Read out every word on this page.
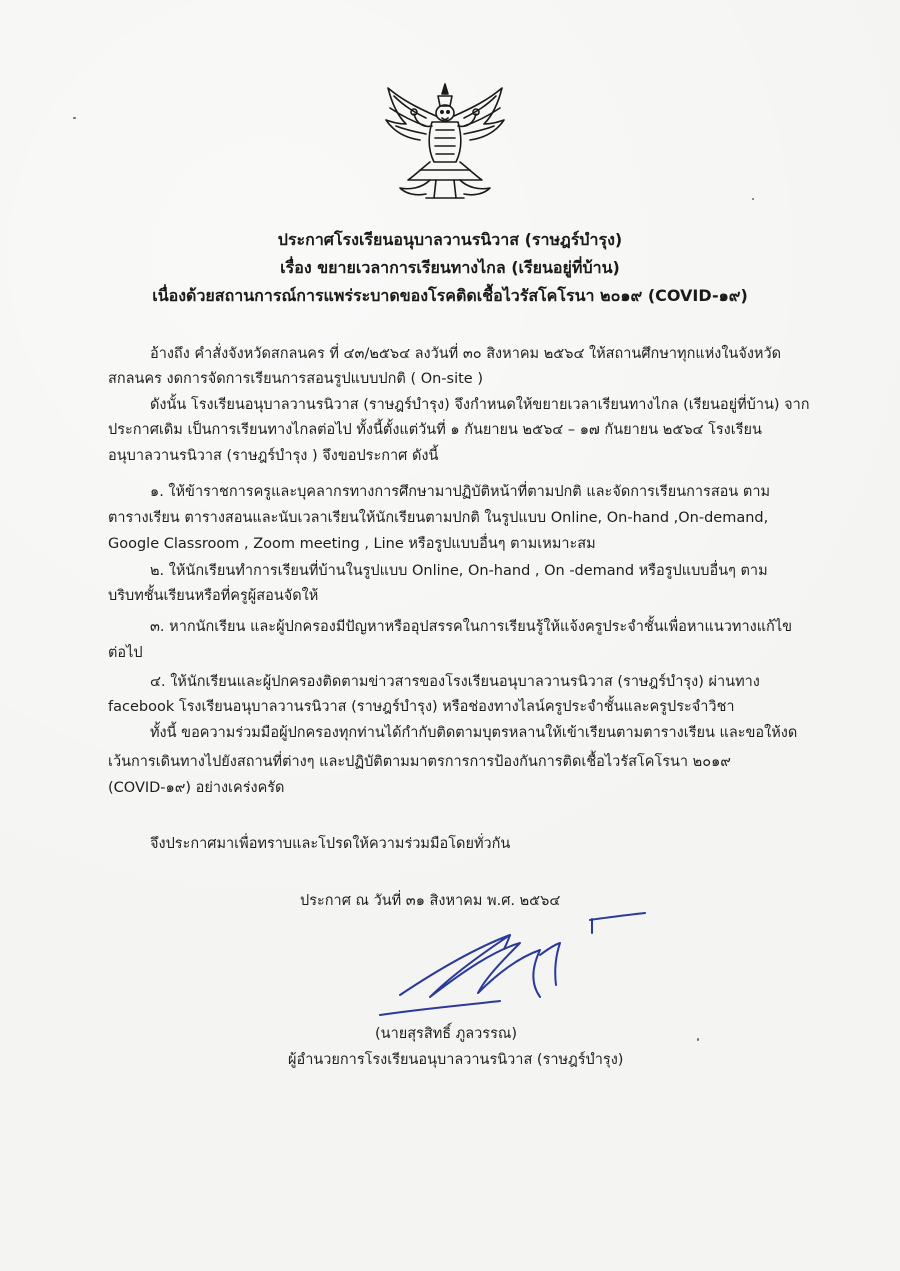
ประกาศโรงเรียนอนุบาลวานรนิวาส (ราษฎร์บำรุง)
เรื่อง ขยายเวลาการเรียนทางไกล (เรียนอยู่ที่บ้าน)
เนื่องด้วยสถานการณ์การแพร่ระบาดของโรคติดเชื้อไวรัสโคโรนา ๒๐๑๙ (COVID-๑๙)
อ้างถึง คำสั่งจังหวัดสกลนคร ที่ ๔๓/๒๕๖๔ ลงวันที่ ๓๐ สิงหาคม ๒๕๖๔ ให้สถานศึกษาทุกแห่งในจังหวัด
สกลนคร งดการจัดการเรียนการสอนรูปแบบปกติ ( On-site )
ดังนั้น โรงเรียนอนุบาลวานรนิวาส (ราษฎร์บำรุง) จึงกำหนดให้ขยายเวลาเรียนทางไกล (เรียนอยู่ที่บ้าน) จาก
ประกาศเดิม เป็นการเรียนทางไกลต่อไป ทั้งนี้ตั้งแต่วันที่ ๑ กันยายน ๒๕๖๔ – ๑๗ กันยายน ๒๕๖๔ โรงเรียน
อนุบาลวานรนิวาส (ราษฎร์บำรุง ) จึงขอประกาศ ดังนี้
๑. ให้ข้าราชการครูและบุคลากรทางการศึกษามาปฏิบัติหน้าที่ตามปกติ และจัดการเรียนการสอน ตาม
ตารางเรียน ตารางสอนและนับเวลาเรียนให้นักเรียนตามปกติ ในรูปแบบ Online, On-hand ,On-demand,
Google Classroom , Zoom meeting , Line หรือรูปแบบอื่นๆ ตามเหมาะสม
๒. ให้นักเรียนทำการเรียนที่บ้านในรูปแบบ Online, On-hand , On -demand หรือรูปแบบอื่นๆ ตาม
บริบทชั้นเรียนหรือที่ครูผู้สอนจัดให้
๓. หากนักเรียน และผู้ปกครองมีปัญหาหรืออุปสรรคในการเรียนรู้ให้แจ้งครูประจำชั้นเพื่อหาแนวทางแก้ไข
ต่อไป
๔. ให้นักเรียนและผู้ปกครองติดตามข่าวสารของโรงเรียนอนุบาลวานรนิวาส (ราษฎร์บำรุง) ผ่านทาง
facebook โรงเรียนอนุบาลวานรนิวาส (ราษฎร์บำรุง) หรือช่องทางไลน์ครูประจำชั้นและครูประจำวิชา
ทั้งนี้ ขอความร่วมมือผู้ปกครองทุกท่านได้กำกับติดตามบุตรหลานให้เข้าเรียนตามตารางเรียน และขอให้งด
เว้นการเดินทางไปยังสถานที่ต่างๆ และปฏิบัติตามมาตรการการป้องกันการติดเชื้อไวรัสโคโรนา ๒๐๑๙
(COVID-๑๙) อย่างเคร่งครัด
จึงประกาศมาเพื่อทราบและโปรดให้ความร่วมมือโดยทั่วกัน
ประกาศ ณ วันที่ ๓๑ สิงหาคม พ.ศ. ๒๕๖๔
(นายสุรสิทธิ์ ภูลวรรณ)
ผู้อำนวยการโรงเรียนอนุบาลวานรนิวาส (ราษฎร์บำรุง)
